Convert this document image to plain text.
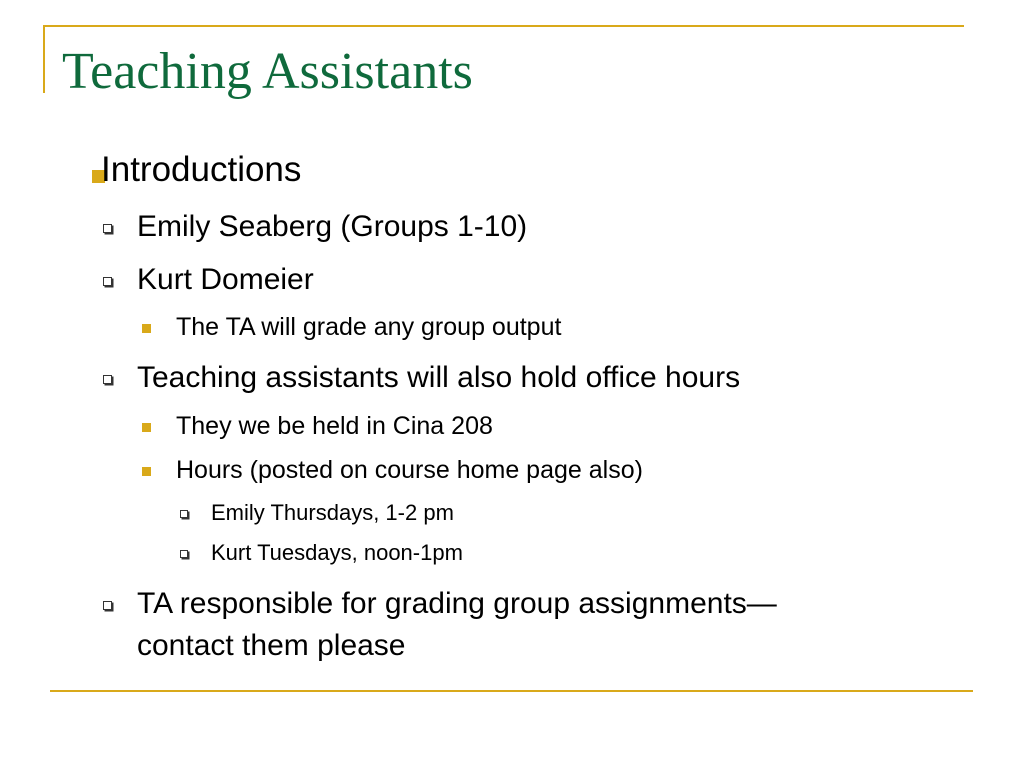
Teaching Assistants
Introductions
Emily Seaberg (Groups 1-10)
Kurt Domeier
The TA will grade any group output
Teaching assistants will also hold office hours
They we be held in Cina 208
Hours (posted on course home page also)
Emily Thursdays, 1-2 pm
Kurt Tuesdays, noon-1pm
TA responsible for grading group assignments—
contact them please
